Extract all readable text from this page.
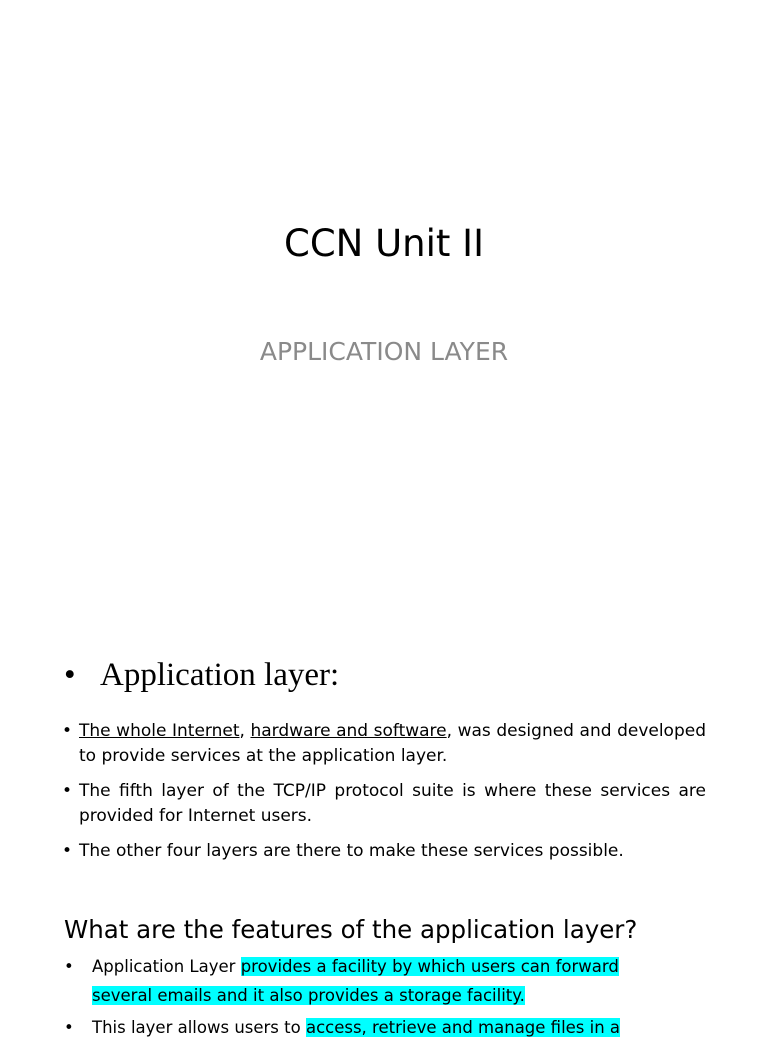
CCN Unit II
APPLICATION LAYER
• Application layer:
• The whole Internet, hardware and software, was designed and developed to provide services at the application layer.
• The fifth layer of the TCP/IP protocol suite is where these services are provided for Internet users.
• The other four layers are there to make these services possible.
What are the features of the application layer?
• Application Layer provides a facility by which users can forward several emails and it also provides a storage facility.
• This layer allows users to access, retrieve and manage files in a
